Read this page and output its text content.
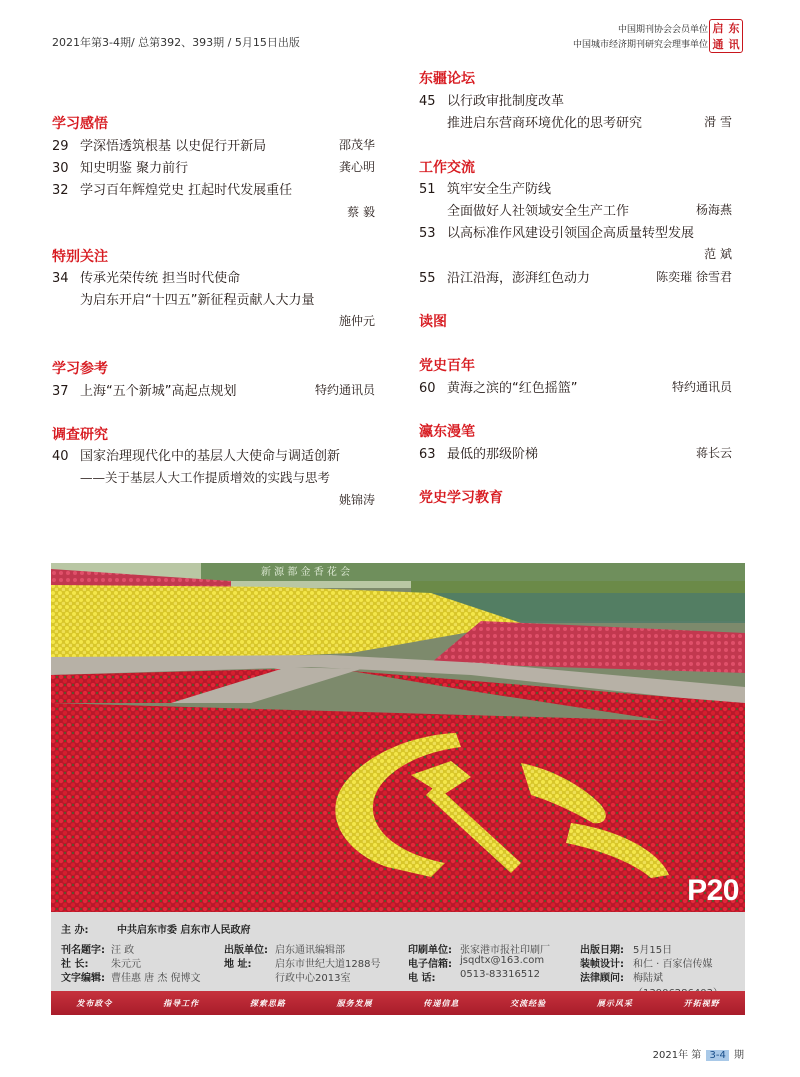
2021年第3-4期/ 总第392、393期 / 5月15日出版
中国期刊协会会员单位
中国城市经济期刊研究会理事单位
启 东
通 讯
学习感悟
29 学深悟透筑根基 以史促行开新局	邵茂华
30 知史明鉴 聚力前行	龚心明
32 学习百年辉煌党史 扛起时代发展重任
蔡 毅
特别关注
34 传承光荣传统 担当时代使命
为启东开启“十四五”新征程贡献人大力量
施仲元
学习参考
37 上海“五个新城”高起点规划	特约通讯员
调查研究
40 国家治理现代化中的基层人大使命与调适创新
——关于基层人大工作提质增效的实践与思考
姚锦涛
东疆论坛
45 以行政审批制度改革
推进启东营商环境优化的思考研究	滑 雪
工作交流
51 筑牢安全生产防线
全面做好人社领域安全生产工作	杨海燕
53 以高标准作风建设引领国企高质量转型发展
范 斌
55 沿江沿海，澎湃红色动力	陈奕璀 徐雪君
读图
党史百年
60 黄海之滨的“红色摇篮”	特约通讯员
瀛东漫笔
63 最低的那级阶梯	蒋长云
党史学习教育
新 源 都 金 香 花 会
P20
主 办:	中共启东市委 启东市人民政府
刊名题字: 汪 政	出版单位: 启东通讯编辑部	印刷单位: 张家港市报社印刷厂	出版日期: 5月15日
社 长: 朱元元	地 址: 启东市世纪大道1288号	电子信箱: jsqdtx@163.com	装帧设计: 和仁 · 百家信传媒
文字编辑: 曹佳惠 唐 杰 倪博文	行政中心2013室	电 话: 0513-83316512	法律顾问: 梅陆斌
发布政令	指导工作	探索思路	服务发展	传递信息	交流经验	展示风采	开拓视野
2021年 第 3-4 期
